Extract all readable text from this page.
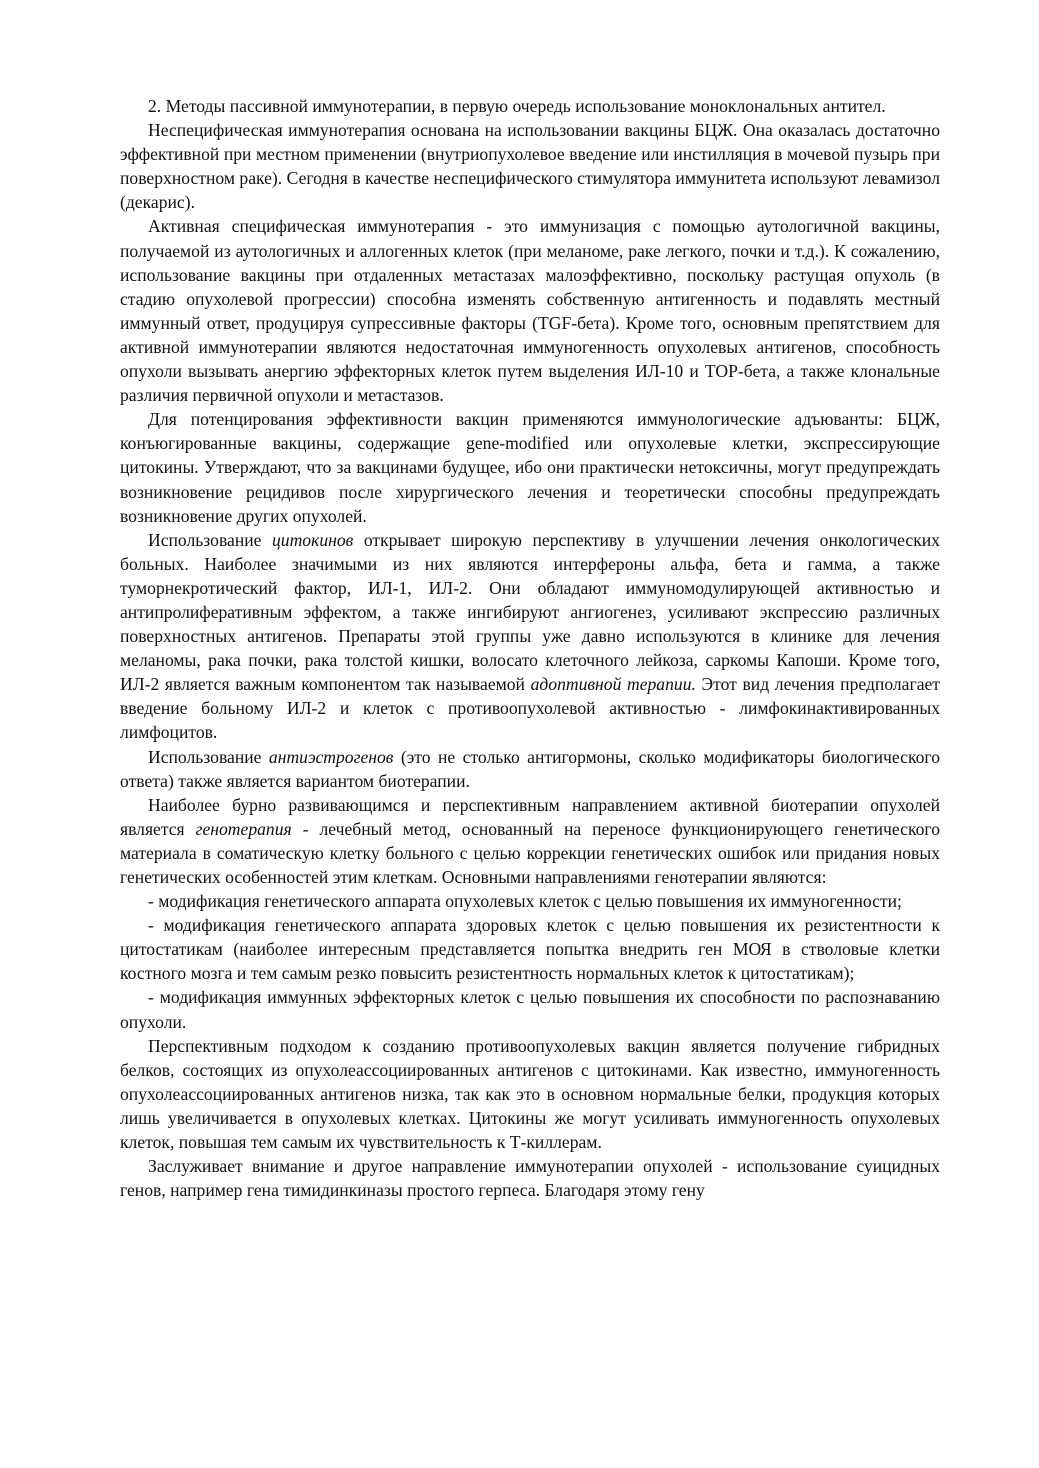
2. Методы пассивной иммунотерапии, в первую очередь использование моноклональных антител.

Неспецифическая иммунотерапия основана на использовании вакцины БЦЖ. Она оказалась достаточно эффективной при местном применении (внутриопухолевое введение или инстилляция в мочевой пузырь при поверхностном раке). Сегодня в качестве неспецифического стимулятора иммунитета используют левамизол (декарис).

Активная специфическая иммунотерапия - это иммунизация с помощью аутологичной вакцины, получаемой из аутологичных и аллогенных клеток (при меланоме, раке легкого, почки и т.д.). К сожалению, использование вакцины при отдаленных метастазах малоэффективно, поскольку растущая опухоль (в стадию опухолевой прогрессии) способна изменять собственную антигенность и подавлять местный иммунный ответ, продуцируя супрессивные факторы (TGF-бета). Кроме того, основным препятствием для активной иммунотерапии являются недостаточная иммуногенность опухолевых антигенов, способность опухоли вызывать анергию эффекторных клеток путем выделения ИЛ-10 и ТОР-бета, а также клональные различия первичной опухоли и метастазов.

Для потенцирования эффективности вакцин применяются иммунологические адъюванты: БЦЖ, конъюгированные вакцины, содержащие gene-modified или опухолевые клетки, экспрессирующие цитокины. Утверждают, что за вакцинами будущее, ибо они практически нетоксичны, могут предупреждать возникновение рецидивов после хирургического лечения и теоретически способны предупреждать возникновение других опухолей.

Использование цитокинов открывает широкую перспективу в улучшении лечения онкологических больных. Наиболее значимыми из них являются интерфероны альфа, бета и гамма, а также туморнекротический фактор, ИЛ-1, ИЛ-2. Они обладают иммуномодулирующей активностью и антипролиферативным эффектом, а также ингибируют ангиогенез, усиливают экспрессию различных поверхностных антигенов. Препараты этой группы уже давно используются в клинике для лечения меланомы, рака почки, рака толстой кишки, волосато клеточного лейкоза, саркомы Капоши. Кроме того, ИЛ-2 является важным компонентом так называемой адоптивной терапии. Этот вид лечения предполагает введение больному ИЛ-2 и клеток с противоопухолевой активностью - лимфокинактивированных лимфоцитов.

Использование антиэстрогенов (это не столько антигормоны, сколько модификаторы биологического ответа) также является вариантом биотерапии.

Наиболее бурно развивающимся и перспективным направлением активной биотерапии опухолей является генотерапия - лечебный метод, основанный на переносе функционирующего генетического материала в соматическую клетку больного с целью коррекции генетических ошибок или придания новых генетических особенностей этим клеткам. Основными направлениями генотерапии являются:

- модификация генетического аппарата опухолевых клеток с целью повышения их иммуногенности;

- модификация генетического аппарата здоровых клеток с целью повышения их резистентности к цитостатикам (наиболее интересным представляется попытка внедрить ген МОЯ в стволовые клетки костного мозга и тем самым резко повысить резистентность нормальных клеток к цитостатикам);

- модификация иммунных эффекторных клеток с целью повышения их способности по распознаванию опухоли.

Перспективным подходом к созданию противоопухолевых вакцин является получение гибридных белков, состоящих из опухолеассоциированных антигенов с цитокинами. Как известно, иммуногенность опухолеассоциированных антигенов низка, так как это в основном нормальные белки, продукция которых лишь увеличивается в опухолевых клетках. Цитокины же могут усиливать иммуногенность опухолевых клеток, повышая тем самым их чувствительность к Т-киллерам.

Заслуживает внимание и другое направление иммунотерапии опухолей - использование суицидных генов, например гена тимидинкиназы простого герпеса. Благодаря этому гену
